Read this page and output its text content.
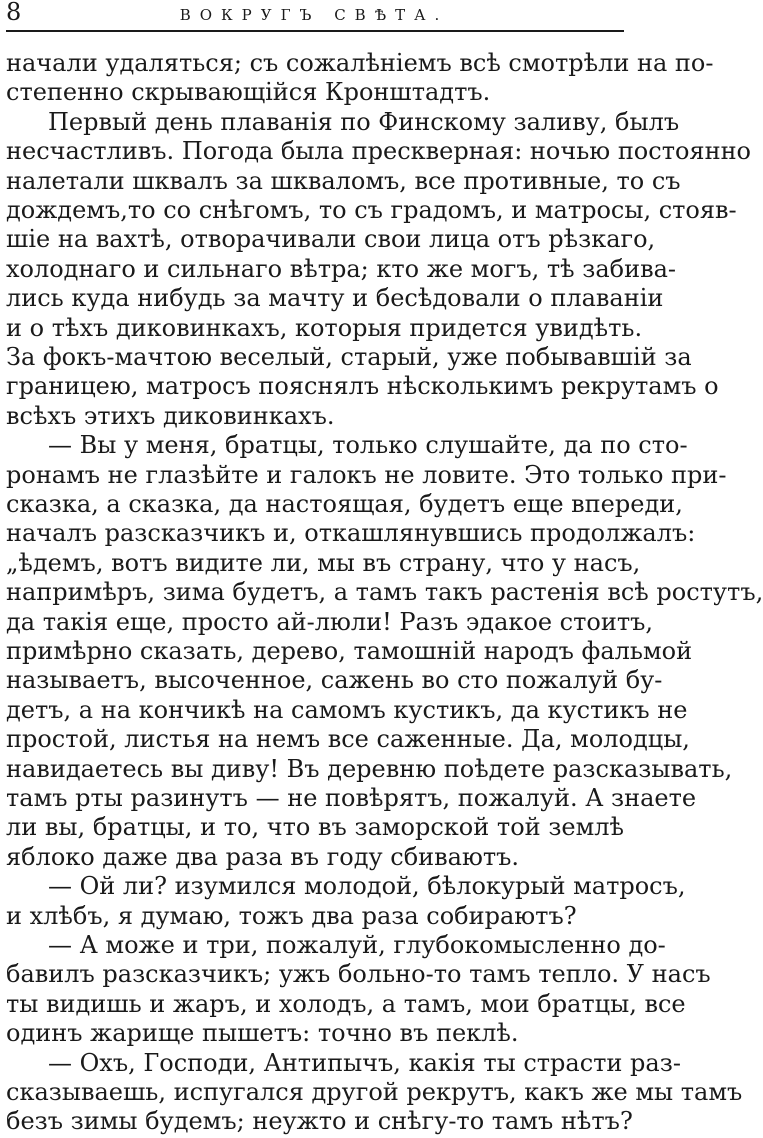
8	ВОКРУГЪ СВѢТА.
начали удаляться; съ сожалѣніемъ всѣ смотрѣли на по-
степенно скрывающійся Кронштадтъ.
Первый день плаванія по Финскому заливу, былъ
несчастливъ. Погода была прескверная: ночью постоянно
налетали шквалъ за шкваломъ, все противные, то съ
дождемъ,то со снѣгомъ, то съ градомъ, и матросы, стояв-
шіе на вахтѣ, отворачивали свои лица отъ рѣзкаго,
холоднаго и сильнаго вѣтра; кто же могъ, тѣ забива-
лись куда нибудь за мачту и бесѣдовали о плаваніи
и о тѣхъ диковинкахъ, которыя придется увидѣть.
За фокъ-мачтою веселый, старый, уже побывавшій за
границею, матросъ пояснялъ нѣсколькимъ рекрутамъ о
всѣхъ этихъ диковинкахъ.
— Вы у меня, братцы, только слушайте, да по сто-
ронамъ не глазѣйте и галокъ не ловите. Это только при-
сказка, а сказка, да настоящая, будетъ еще впереди,
началъ разсказчикъ и, откашлянувшись продолжалъ:
„ѣдемъ, вотъ видите ли, мы въ страну, что у насъ,
напримѣръ, зима будетъ, а тамъ такъ растенія всѣ ростутъ,
да такія еще, просто ай-люли! Разъ эдакое стоитъ,
примѣрно сказать, дерево, тамошній народъ фальмой
называетъ, высоченное, сажень во сто пожалуй бу-
детъ, а на кончикѣ на самомъ кустикъ, да кустикъ не
простой, листья на немъ все саженные. Да, молодцы,
навидаетесь вы диву! Въ деревню поѣдете разсказывать,
тамъ рты разинутъ — не повѣрятъ, пожалуй. А знаете
ли вы, братцы, и то, что въ заморской той землѣ
яблоко даже два раза въ году сбиваютъ.
— Ой ли? изумился молодой, бѣлокурый матросъ,
и хлѣбъ, я думаю, тожъ два раза собираютъ?
— А може и три, пожалуй, глубокомысленно до-
бавилъ разсказчикъ; ужъ больно-то тамъ тепло. У насъ
ты видишь и жаръ, и холодъ, а тамъ, мои братцы, все
одинъ жарище пышетъ: точно въ пеклѣ.
— Охъ, Господи, Антипычъ, какія ты страсти раз-
сказываешь, испугался другой рекрутъ, какъ же мы тамъ
безъ зимы будемъ; неужто и снѣгу-то тамъ нѣтъ?
